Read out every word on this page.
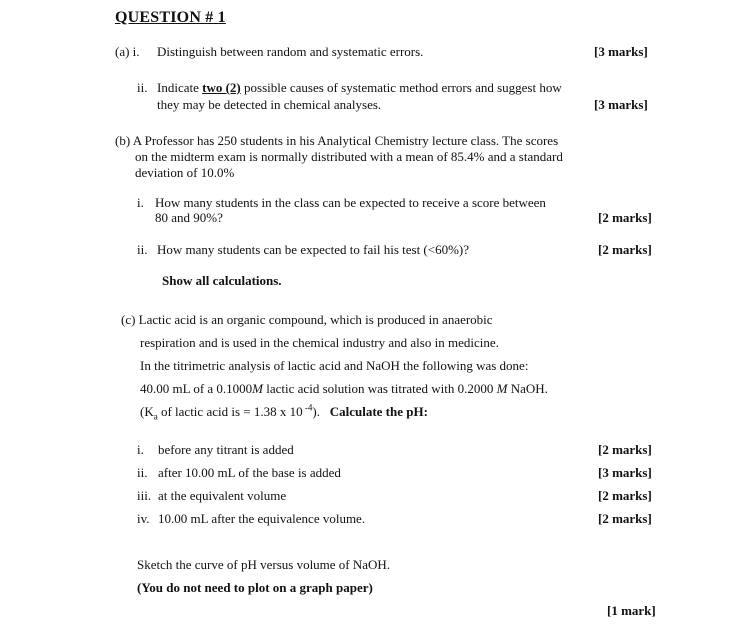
QUESTION # 1
(a) i. Distinguish between random and systematic errors.	[3 marks]
ii. Indicate two (2) possible causes of systematic method errors and suggest how
they may be detected in chemical analyses.	[3 marks]
(b) A Professor has 250 students in his Analytical Chemistry lecture class. The scores
on the midterm exam is normally distributed with a mean of 85.4% and a standard
deviation of 10.0%
i. How many students in the class can be expected to receive a score between
80 and 90%?	[2 marks]
ii. How many students can be expected to fail his test (<60%)?	[2 marks]
Show all calculations.
(c) Lactic acid is an organic compound, which is produced in anaerobic
respiration and is used in the chemical industry and also in medicine.
In the titrimetric analysis of lactic acid and NaOH the following was done:
40.00 mL of a 0.1000M lactic acid solution was titrated with 0.2000 M NaOH.
($K_a$ of lactic acid is = 1.38 x 10 $^{-4}$). Calculate the pH:
i. before any titrant is added	[2 marks]
ii. after 10.00 mL of the base is added	[3 marks]
iii. at the equivalent volume	[2 marks]
iv. 10.00 mL after the equivalence volume.	[2 marks]
Sketch the curve of pH versus volume of NaOH.
(You do not need to plot on a graph paper)
[1 mark]
